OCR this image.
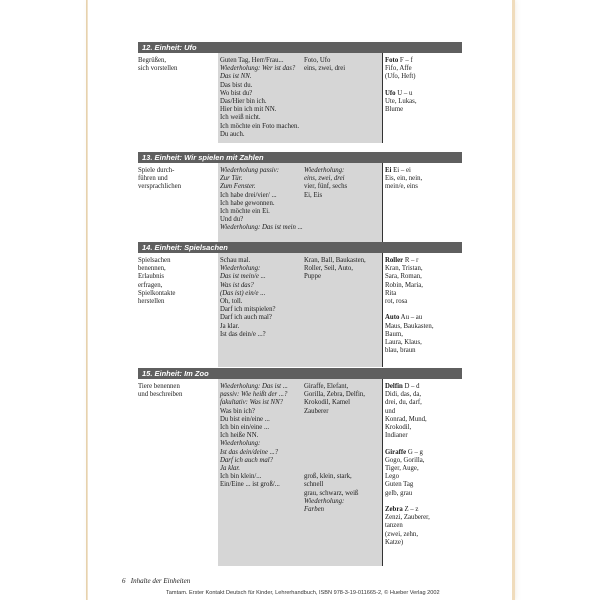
12. Einheit: Ufo
Begrüßen,
sich vorstellen
Guten Tag, Herr/Frau...
Wiederholung: Wer ist das?
Das ist NN.
Das bist du.
Wo bist du?
Das/Hier bin ich.
Hier bin ich mit NN.
Ich weiß nicht.
Ich möchte ein Foto machen.
Du auch.
Foto, Ufo
eins, zwei, drei
Foto F – f
Fifo, Affe
(Ufo, Heft)

Ufo U – u
Ute, Lukas,
Blume
13. Einheit: Wir spielen mit Zahlen
Spiele durch-
führen und
versprachlichen
Wiederholung passiv:
Zur Tür.
Zum Fenster.
Ich habe drei/vier/ ...
Ich habe gewonnen.
Ich möchte ein Ei.
Und du?
Wiederholung: Das ist mein ...
Wiederholung:
eins, zwei, drei
vier, fünf, sechs
Ei, Eis
Ei Ei – ei
Eis, ein, nein,
mein/e, eins
14. Einheit: Spielsachen
Spielsachen
benennen,
Erlaubnis
erfragen,
Spielkontakte
herstellen
Schau mal.
Wiederholung:
Das ist mein/e ...
Was ist das?
(Das ist) ein/e ...
Oh, toll.
Darf ich mitspielen?
Darf ich auch mal?
Ja klar.
Ist das dein/e ...?
Kran, Ball, Baukasten,
Roller, Seil, Auto,
Puppe
Roller R – r
Kran, Tristan,
Sara, Roman,
Robin, Maria,
Rita
rot, rosa

Auto Au – au
Maus, Baukasten,
Baum,
Laura, Klaus,
blau, braun
15. Einheit: Im Zoo
Tiere benennen
und beschreiben
Wiederholung: Das ist ...
passiv: Wie heißt der ...?
fakultativ: Was ist NN?
Was bin ich?
Du bist ein/eine ...
Ich bin ein/eine ...
Ich heiße NN.
Wiederholung:
Ist das dein/deine ...?
Darf ich auch mal?
Ja klar.
Ich bin klein/...
Ein/Eine ... ist groß/...
Giraffe, Elefant,
Gorilla, Zebra, Delfin,
Krokodil, Kamel
Zauberer

groß, klein, stark,
schnell
grau, schwarz, weiß
Wiederholung:
Farben
Delfin D – d
Didi, das, da,
drei, du, darf,
und
Konrad, Mund,
Krokodil,
Indianer

Giraffe G – g
Gogo, Gorilla,
Tiger, Auge,
Lego
Guten Tag
gelb, grau

Zebra Z – z
Zenzi, Zauberer,
tanzen
(zwei, zehn,
Katze)
6 Inhalte der Einheiten
Tamtam. Erster Kontakt Deutsch für Kinder, Lehrerhandbuch, ISBN 978-3-19-011665-2, © Hueber Verlag 2002
